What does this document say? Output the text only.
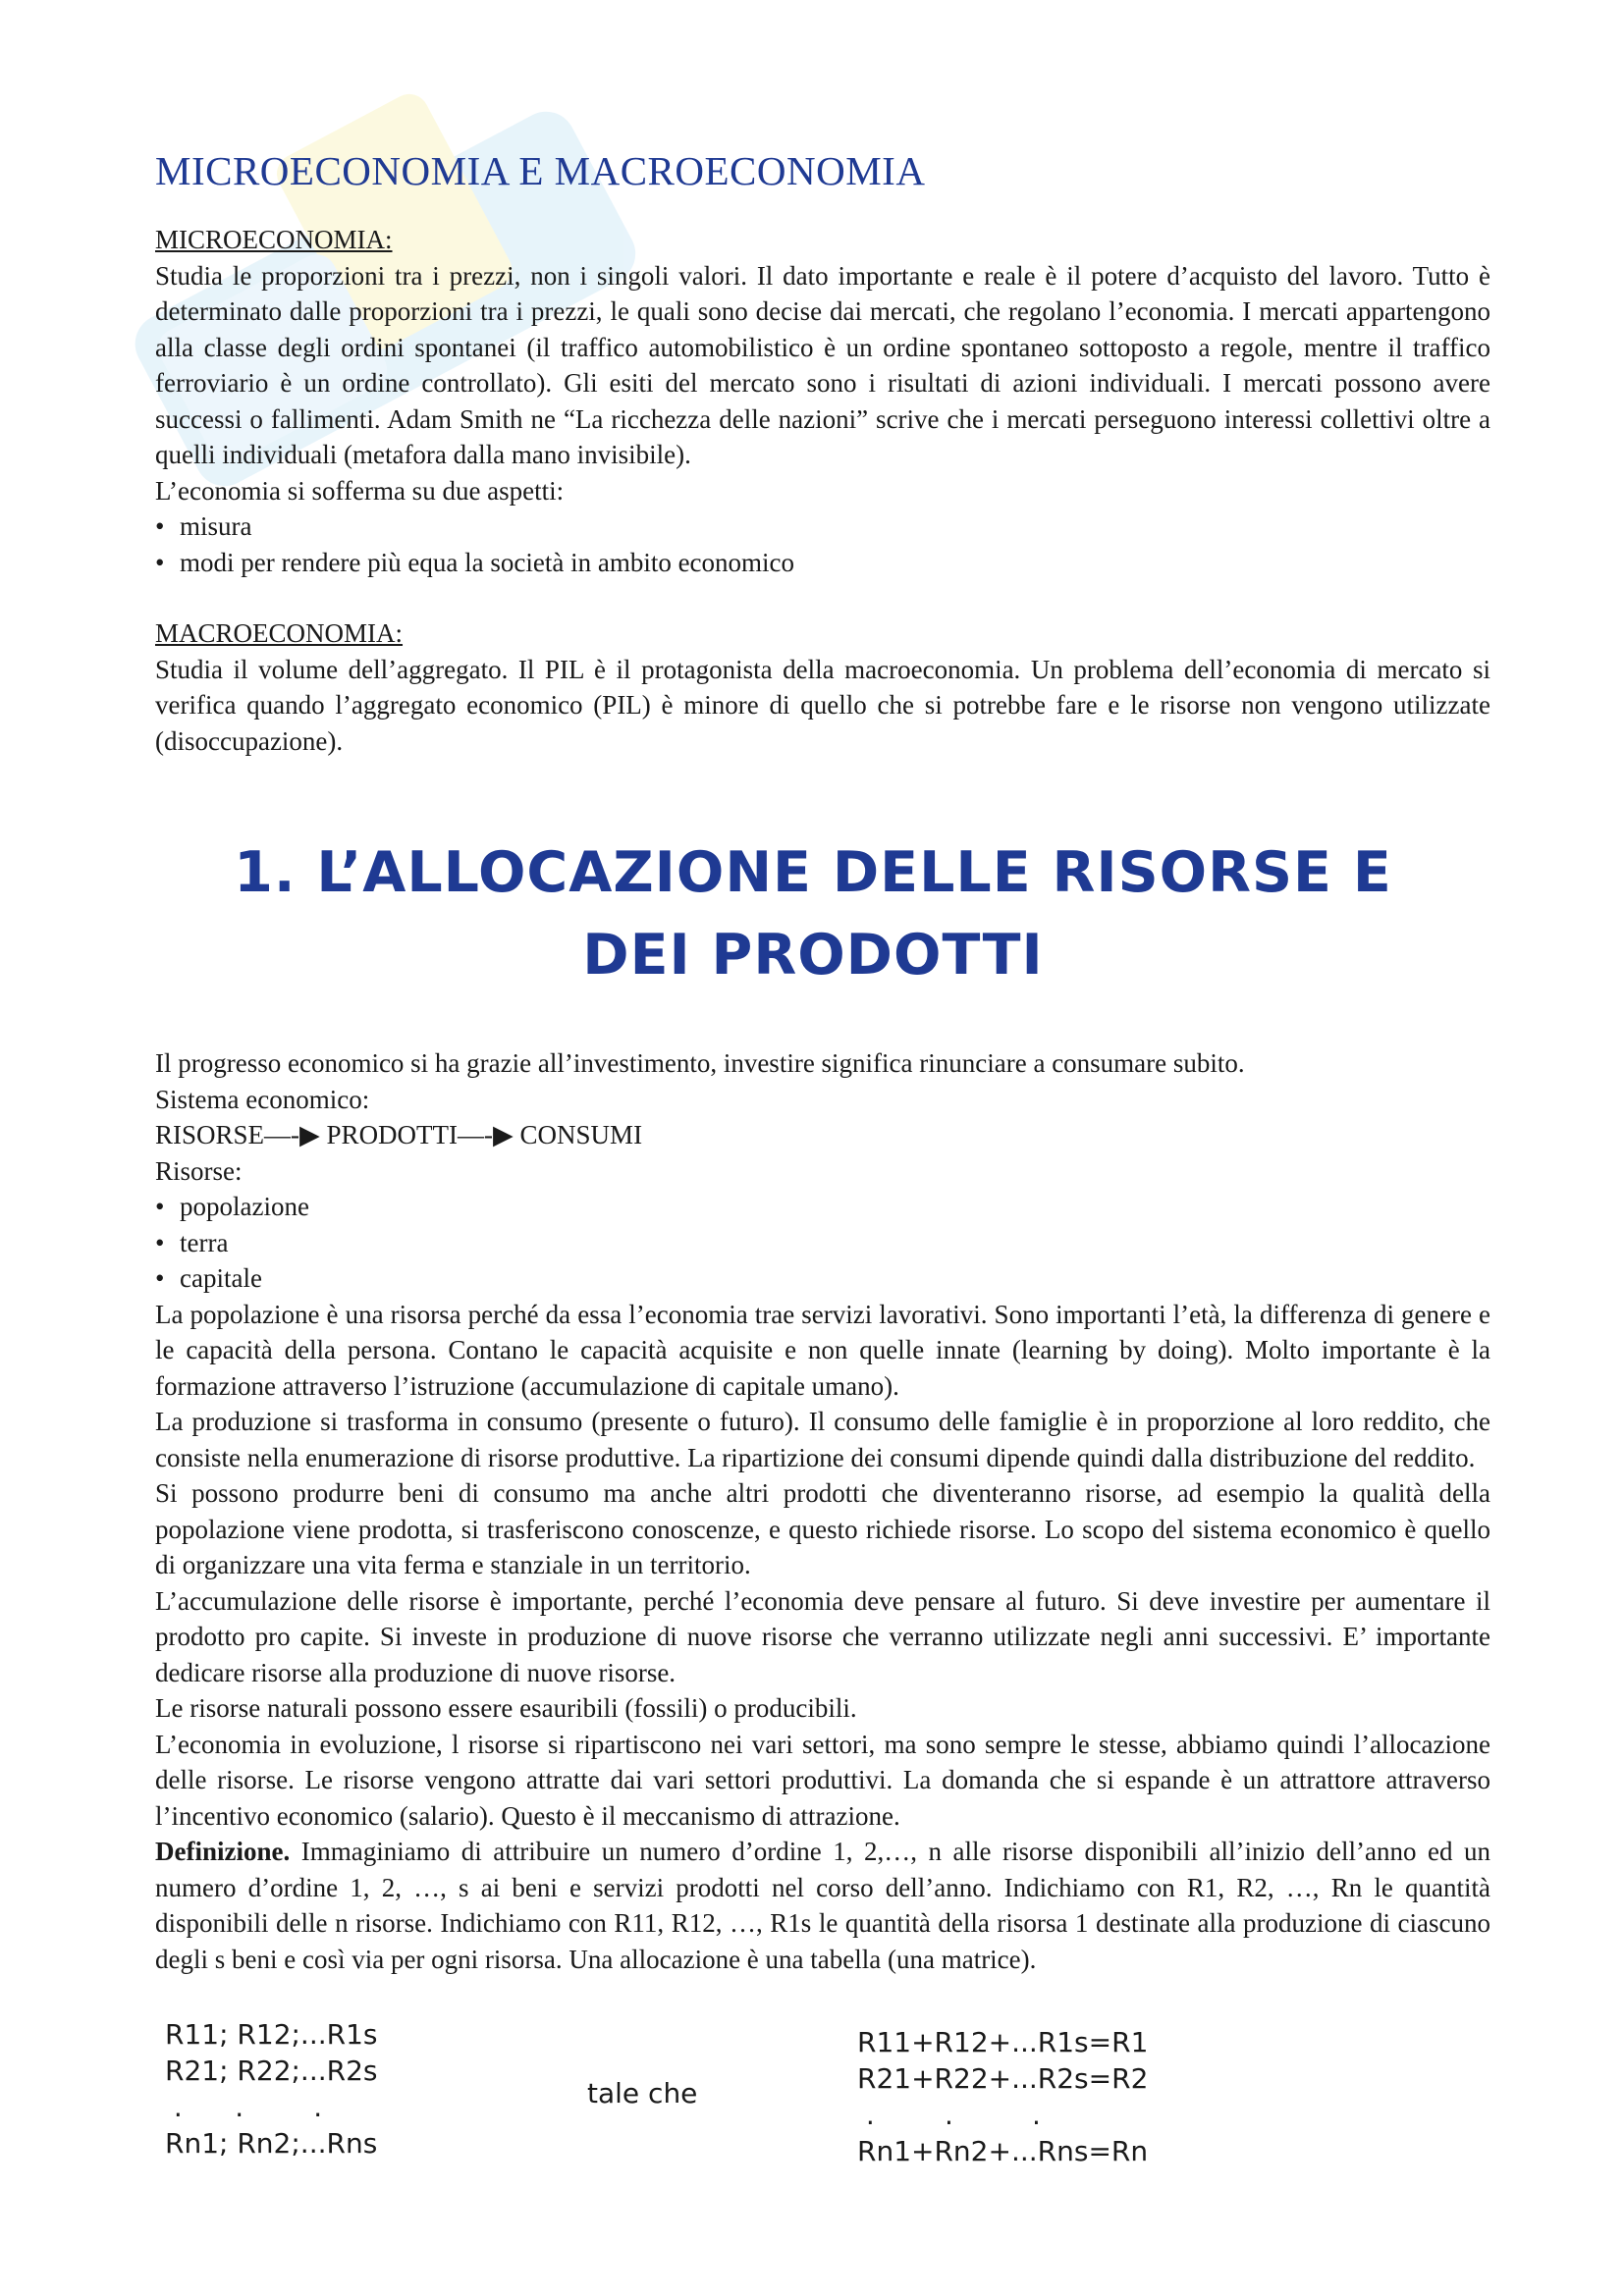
MICROECONOMIA E MACROECONOMIA
MICROECONOMIA:

Studia le proporzioni tra i prezzi, non i singoli valori. Il dato importante e reale è il potere d’acquisto del lavoro. Tutto è determinato dalle proporzioni tra i prezzi, le quali sono decise dai mercati, che regolano l’economia. I mercati appartengono alla classe degli ordini spontanei (il traffico automobilistico è un ordine spontaneo sottoposto a regole, mentre il traffico ferroviario è un ordine controllato). Gli esiti del mercato sono i risultati di azioni individuali. I mercati possono avere successi o fallimenti. Adam Smith ne “La ricchezza delle nazioni” scrive che i mercati perseguono interessi collettivi oltre a quelli individuali (metafora dalla mano invisibile).

L’economia si sofferma su due aspetti:

• misura
• modi per rendere più equa la società in ambito economico
MACROECONOMIA:

Studia il volume dell’aggregato. Il PIL è il protagonista della macroeconomia. Un problema dell’economia di mercato si verifica quando l’aggregato economico (PIL) è minore di quello che si potrebbe fare e le risorse non vengono utilizzate (disoccupazione).

1. L’ALLOCAZIONE DELLE RISORSE E
DEI PRODOTTI

Il progresso economico si ha grazie all’investimento, investire significa rinunciare a consumare subito.

Sistema economico:

RISORSE—-▶ PRODOTTI—-▶ CONSUMI

Risorse:

• popolazione
• terra
• capitale

La popolazione è una risorsa perché da essa l’economia trae servizi lavorativi. Sono importanti l’età, la differenza di genere e le capacità della persona. Contano le capacità acquisite e non quelle innate (learning by doing). Molto importante è la formazione attraverso l’istruzione (accumulazione di capitale umano).

La produzione si trasforma in consumo (presente o futuro). Il consumo delle famiglie è in proporzione al loro reddito, che consiste nella enumerazione di risorse produttive. La ripartizione dei consumi dipende quindi dalla distribuzione del reddito.

Si possono produrre beni di consumo ma anche altri prodotti che diventeranno risorse, ad esempio la qualità della popolazione viene prodotta, si trasferiscono conoscenze, e questo richiede risorse. Lo scopo del sistema economico è quello di organizzare una vita ferma e stanziale in un territorio.

L’accumulazione delle risorse è importante, perché l’economia deve pensare al futuro. Si deve investire per aumentare il prodotto pro capite. Si investe in produzione di nuove risorse che verranno utilizzate negli anni successivi. E’ importante dedicare risorse alla produzione di nuove risorse.

Le risorse naturali possono essere esauribili (fossili) o producibili.

L’economia in evoluzione, l risorse si ripartiscono nei vari settori, ma sono sempre le stesse, abbiamo quindi l’allocazione delle risorse. Le risorse vengono attratte dai vari settori produttivi. La domanda che si espande è un attrattore attraverso l’incentivo economico (salario). Questo è il meccanismo di attrazione.

Definizione. Immaginiamo di attribuire un numero d’ordine 1, 2,…, n alle risorse disponibili all’inizio dell’anno ed un numero d’ordine 1, 2, …, s ai beni e servizi prodotti nel corso dell’anno. Indichiamo con R1, R2, …, Rn le quantità disponibili delle n risorse. Indichiamo con R11, R12, …, R1s le quantità della risorsa 1 destinate alla produzione di ciascuno degli s beni e così via per ogni risorsa. Una allocazione è una tabella (una matrice).

R11; R12;...R1s
R21; R22;...R2s
.      .        .
Rn1; Rn2;...Rns
tale che
R11+R12+...R1s=R1
R21+R22+...R2s=R2
.        .         .
Rn1+Rn2+...Rns=Rn
